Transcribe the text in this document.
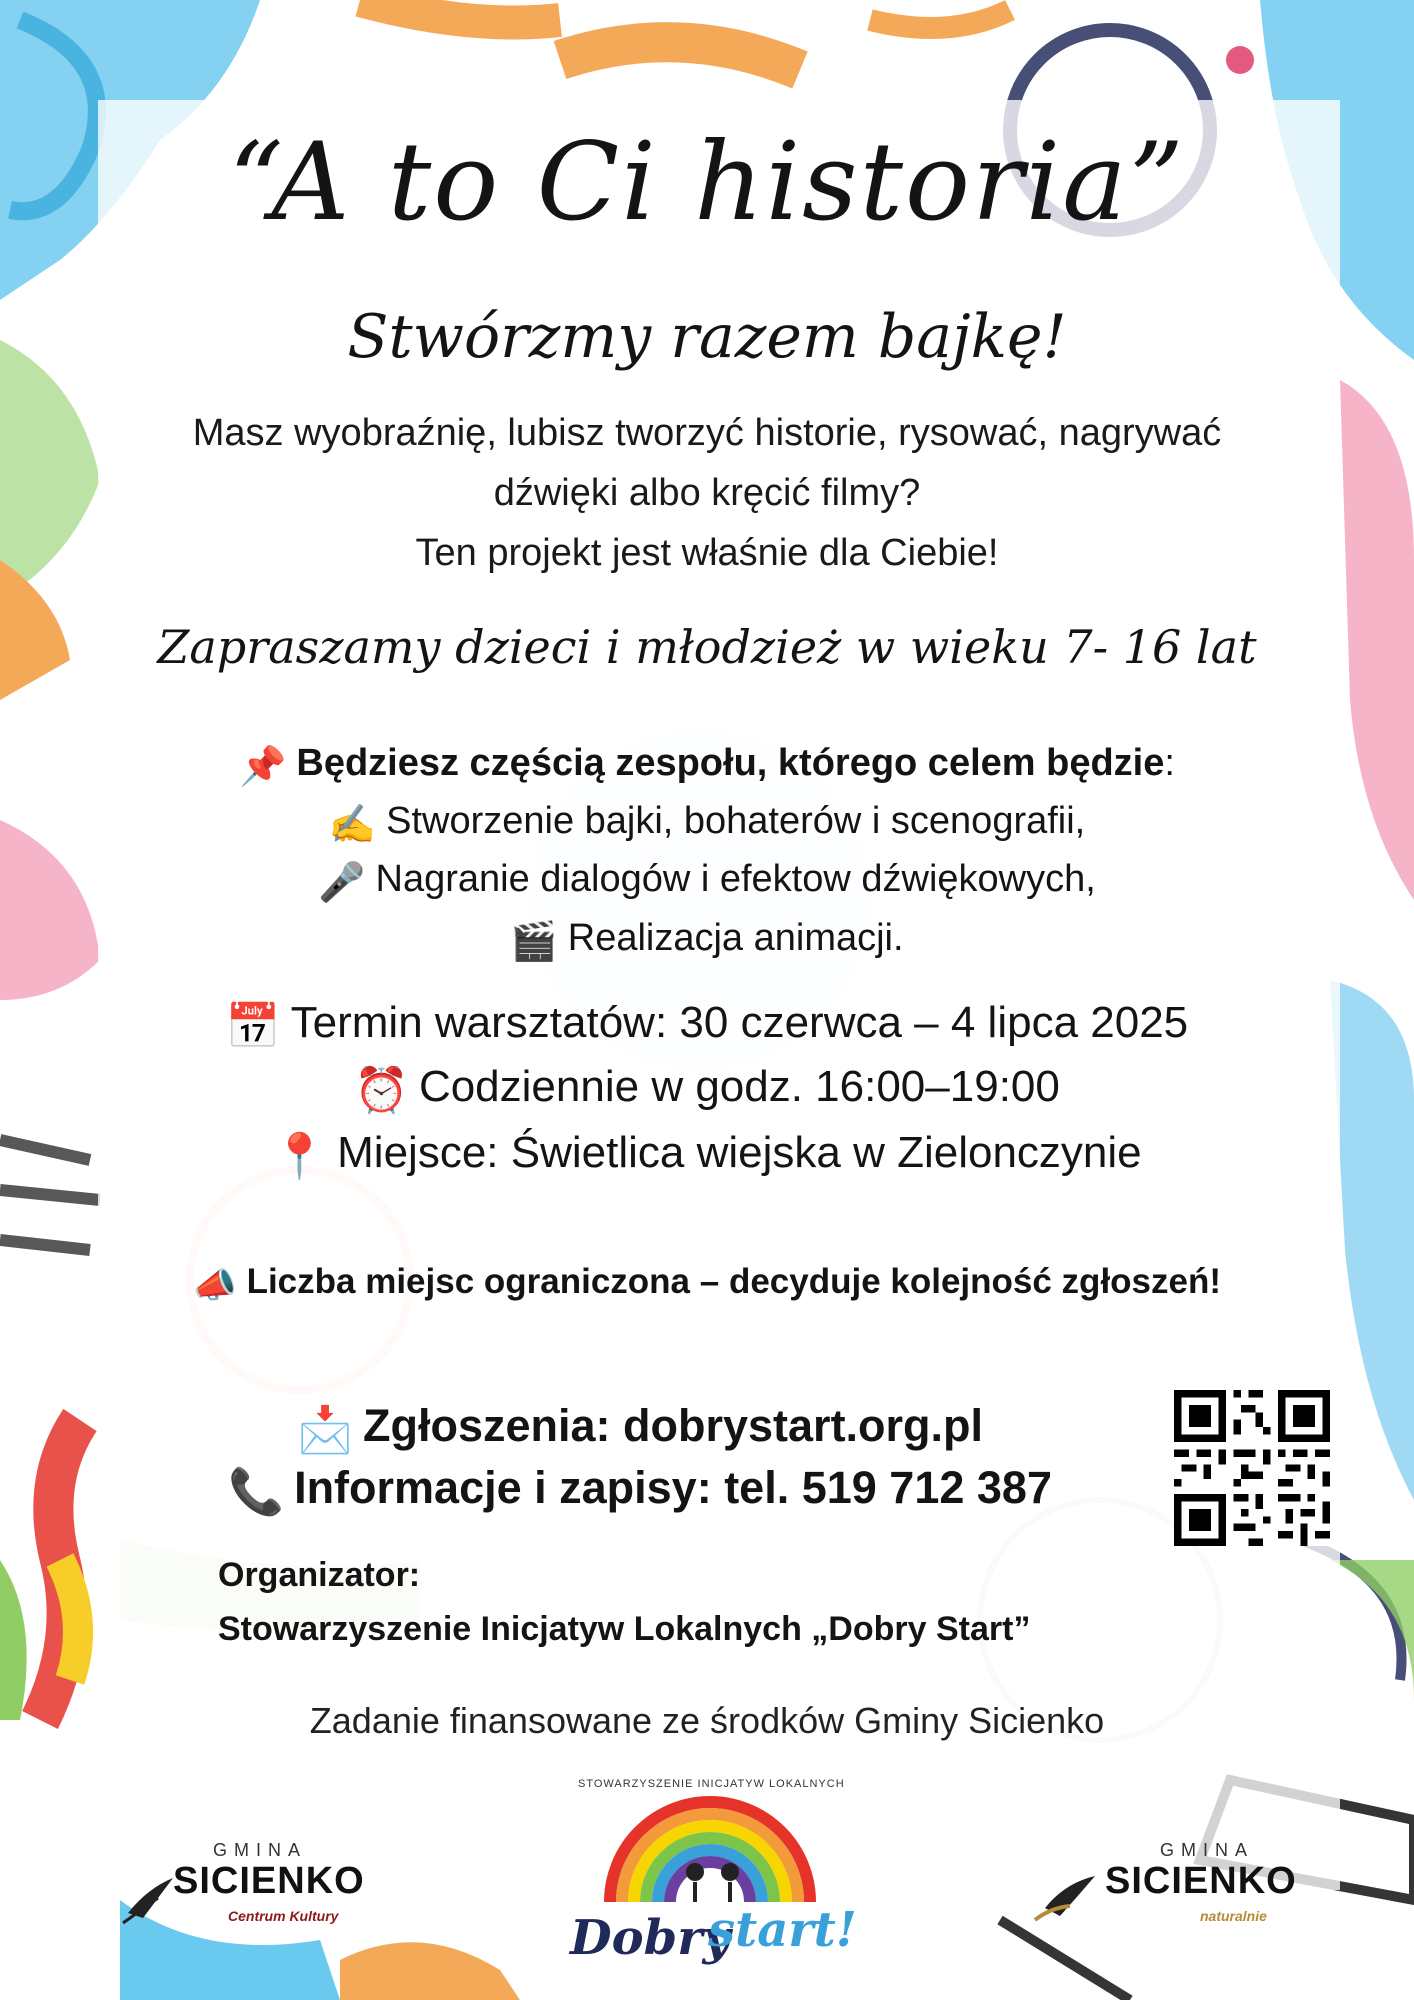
“A to Ci historia”
Stwórzmy razem bajkę!
Masz wyobraźnię, lubisz tworzyć historie, rysować, nagrywać
dźwięki albo kręcić filmy?
Ten projekt jest właśnie dla Ciebie!
Zapraszamy dzieci i młodzież w wieku 7- 16 lat
📌 Będziesz częścią zespołu, którego celem będzie:
✍ Stworzenie bajki, bohaterów i scenografii,
🎤 Nagranie dialogów i efektow dźwiękowych,
🎬 Realizacja animacji.
📅 Termin warsztatów: 30 czerwca – 4 lipca 2025
⏰ Codziennie w godz. 16:00–19:00
📍 Miejsce: Świetlica wiejska w Zielonczynie
📣 Liczba miejsc ograniczona – decyduje kolejność zgłoszeń!
📩 Zgłoszenia: dobrystart.org.pl
📞 Informacje i zapisy: tel. 519 712 387
Organizator:
Stowarzyszenie Inicjatyw Lokalnych „Dobry Start”
Zadanie finansowane ze środków Gminy Sicienko
GMINA
SICIENKO
Centrum Kultury
STOWARZYSZENIE INICJATYW LOKALNYCH
Dobry
start!
GMINA
SICIENKO
naturalnie
